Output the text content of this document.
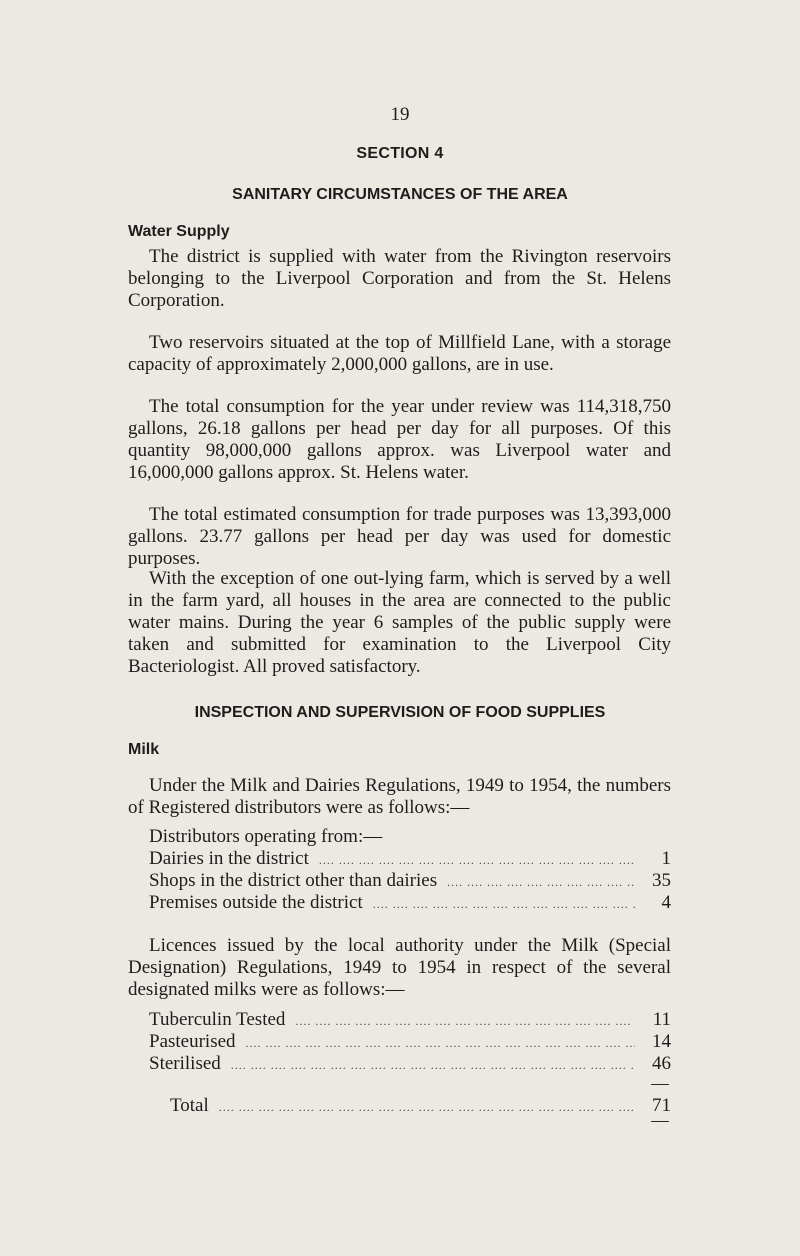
19
SECTION 4
SANITARY CIRCUMSTANCES OF THE AREA
Water Supply

The district is supplied with water from the Rivington reservoirs belonging to the Liverpool Corporation and from the St. Helens Corporation.

Two reservoirs situated at the top of Millfield Lane, with a storage capacity of approximately 2,000,000 gallons, are in use.

The total consumption for the year under review was 114,318,750 gallons, 26.18 gallons per head per day for all purposes. Of this quantity 98,000,000 gallons approx. was Liverpool water and 16,000,000 gallons approx. St. Helens water.

The total estimated consumption for trade purposes was 13,393,000 gallons. 23.77 gallons per head per day was used for domestic purposes.

With the exception of one out-lying farm, which is served by a well in the farm yard, all houses in the area are connected to the public water mains. During the year 6 samples of the public supply were taken and submitted for examination to the Liverpool City Bacteriologist. All proved satisfactory.

INSPECTION AND SUPERVISION OF FOOD SUPPLIES
Milk

Under the Milk and Dairies Regulations, 1949 to 1954, the numbers of Registered distributors were as follows:—

Distributors operating from:—
Dairies in the district ....	1
Shops in the district other than dairies ....	35
Premises outside the district ....	4

Licences issued by the local authority under the Milk (Special Designation) Regulations, 1949 to 1954 in respect of the several designated milks were as follows:—

Tuberculin Tested ....	11
Pasteurised ....	14
Sterilised ....	46
Total ....	71
